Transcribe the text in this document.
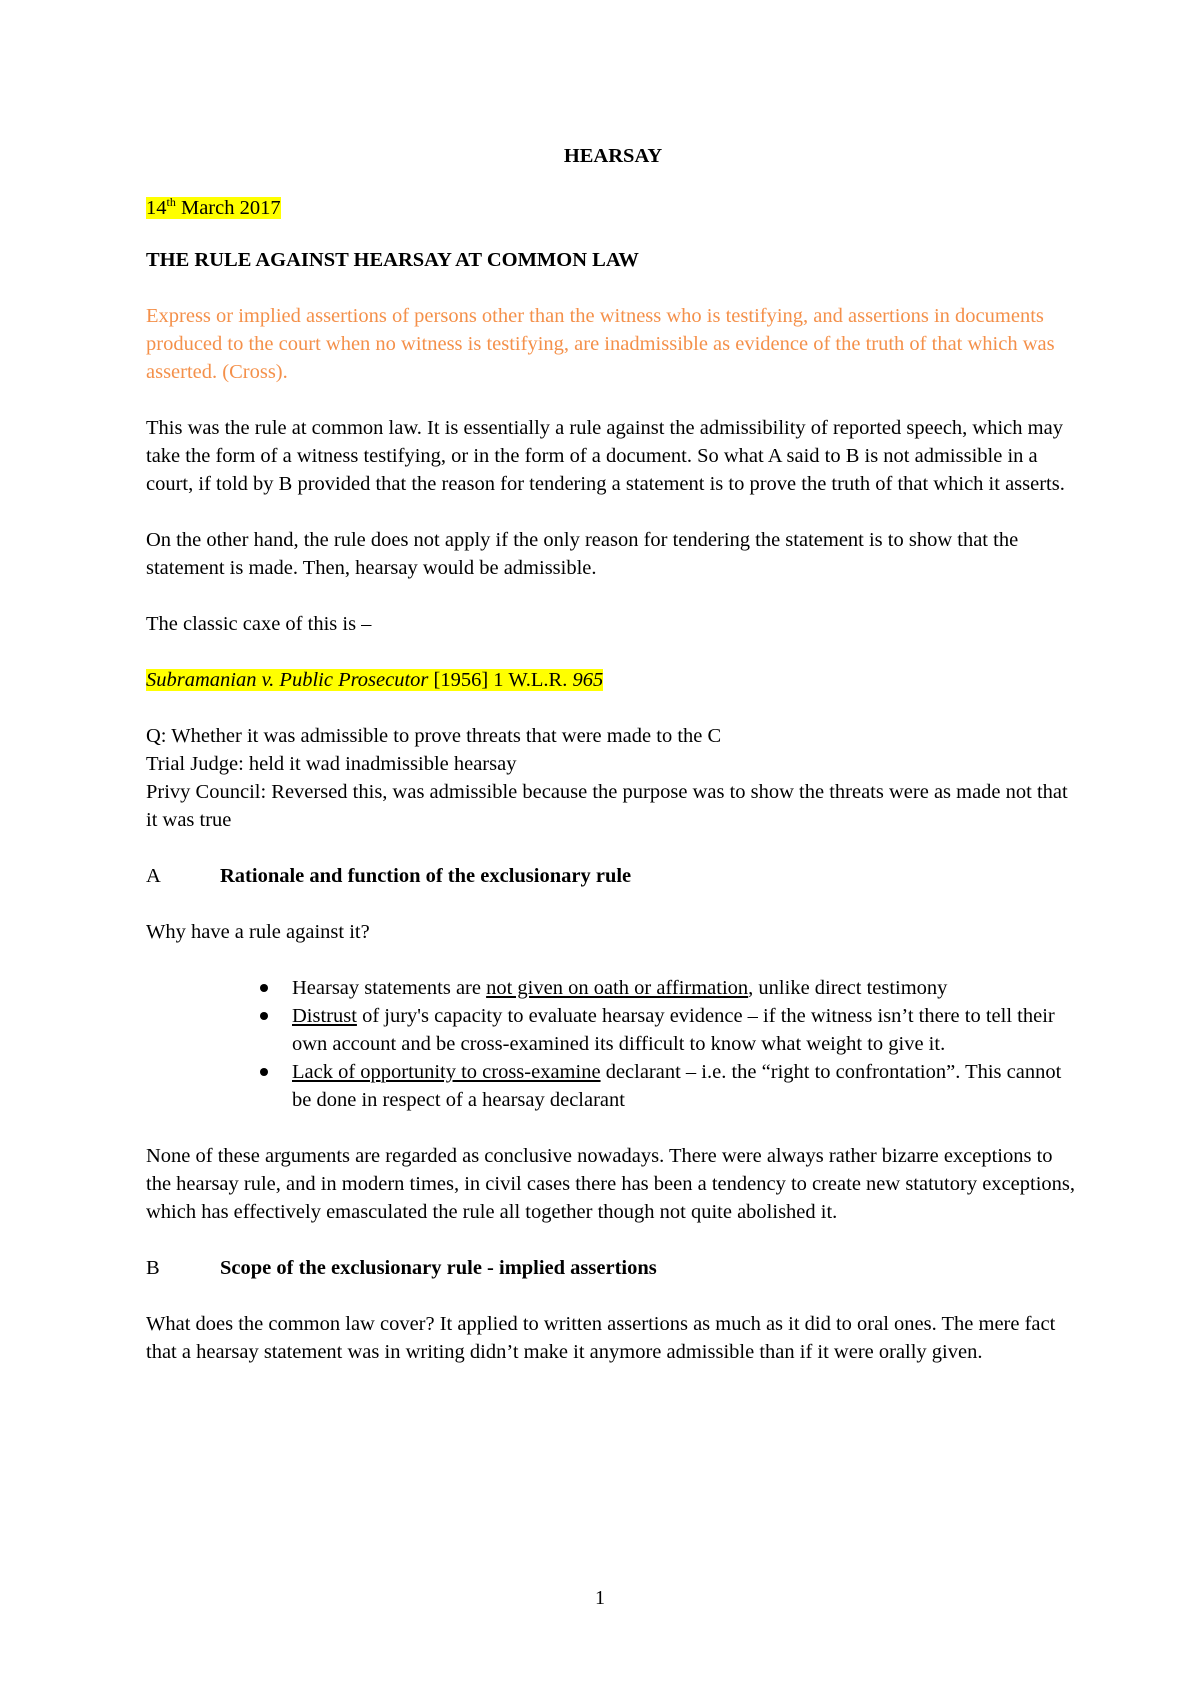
HEARSAY

14th March 2017

THE RULE AGAINST HEARSAY AT COMMON LAW

Express or implied assertions of persons other than the witness who is testifying, and assertions in documents produced to the court when no witness is testifying, are inadmissible as evidence of the truth of that which was asserted. (Cross).

This was the rule at common law. It is essentially a rule against the admissibility of reported speech, which may take the form of a witness testifying, or in the form of a document. So what A said to B is not admissible in a court, if told by B provided that the reason for tendering a statement is to prove the truth of that which it asserts.

On the other hand, the rule does not apply if the only reason for tendering the statement is to show that the statement is made. Then, hearsay would be admissible.

The classic caxe of this is –

Subramanian v. Public Prosecutor [1956] 1 W.L.R. 965

Q: Whether it was admissible to prove threats that were made to the C

Trial Judge: held it wad inadmissible hearsay

Privy Council: Reversed this, was admissible because the purpose was to show the threats were as made not that it was true

A	Rationale and function of the exclusionary rule

Why have a rule against it?

Hearsay statements are not given on oath or affirmation, unlike direct testimony
Distrust of jury's capacity to evaluate hearsay evidence – if the witness isn’t there to tell their own account and be cross-examined its difficult to know what weight to give it.
Lack of opportunity to cross-examine declarant – i.e. the “right to confrontation”. This cannot be done in respect of a hearsay declarant

None of these arguments are regarded as conclusive nowadays. There were always rather bizarre exceptions to the hearsay rule, and in modern times, in civil cases there has been a tendency to create new statutory exceptions, which has effectively emasculated the rule all together though not quite abolished it.

B	Scope of the exclusionary rule - implied assertions

What does the common law cover? It applied to written assertions as much as it did to oral ones. The mere fact that a hearsay statement was in writing didn’t make it anymore admissible than if it were orally given.

1
